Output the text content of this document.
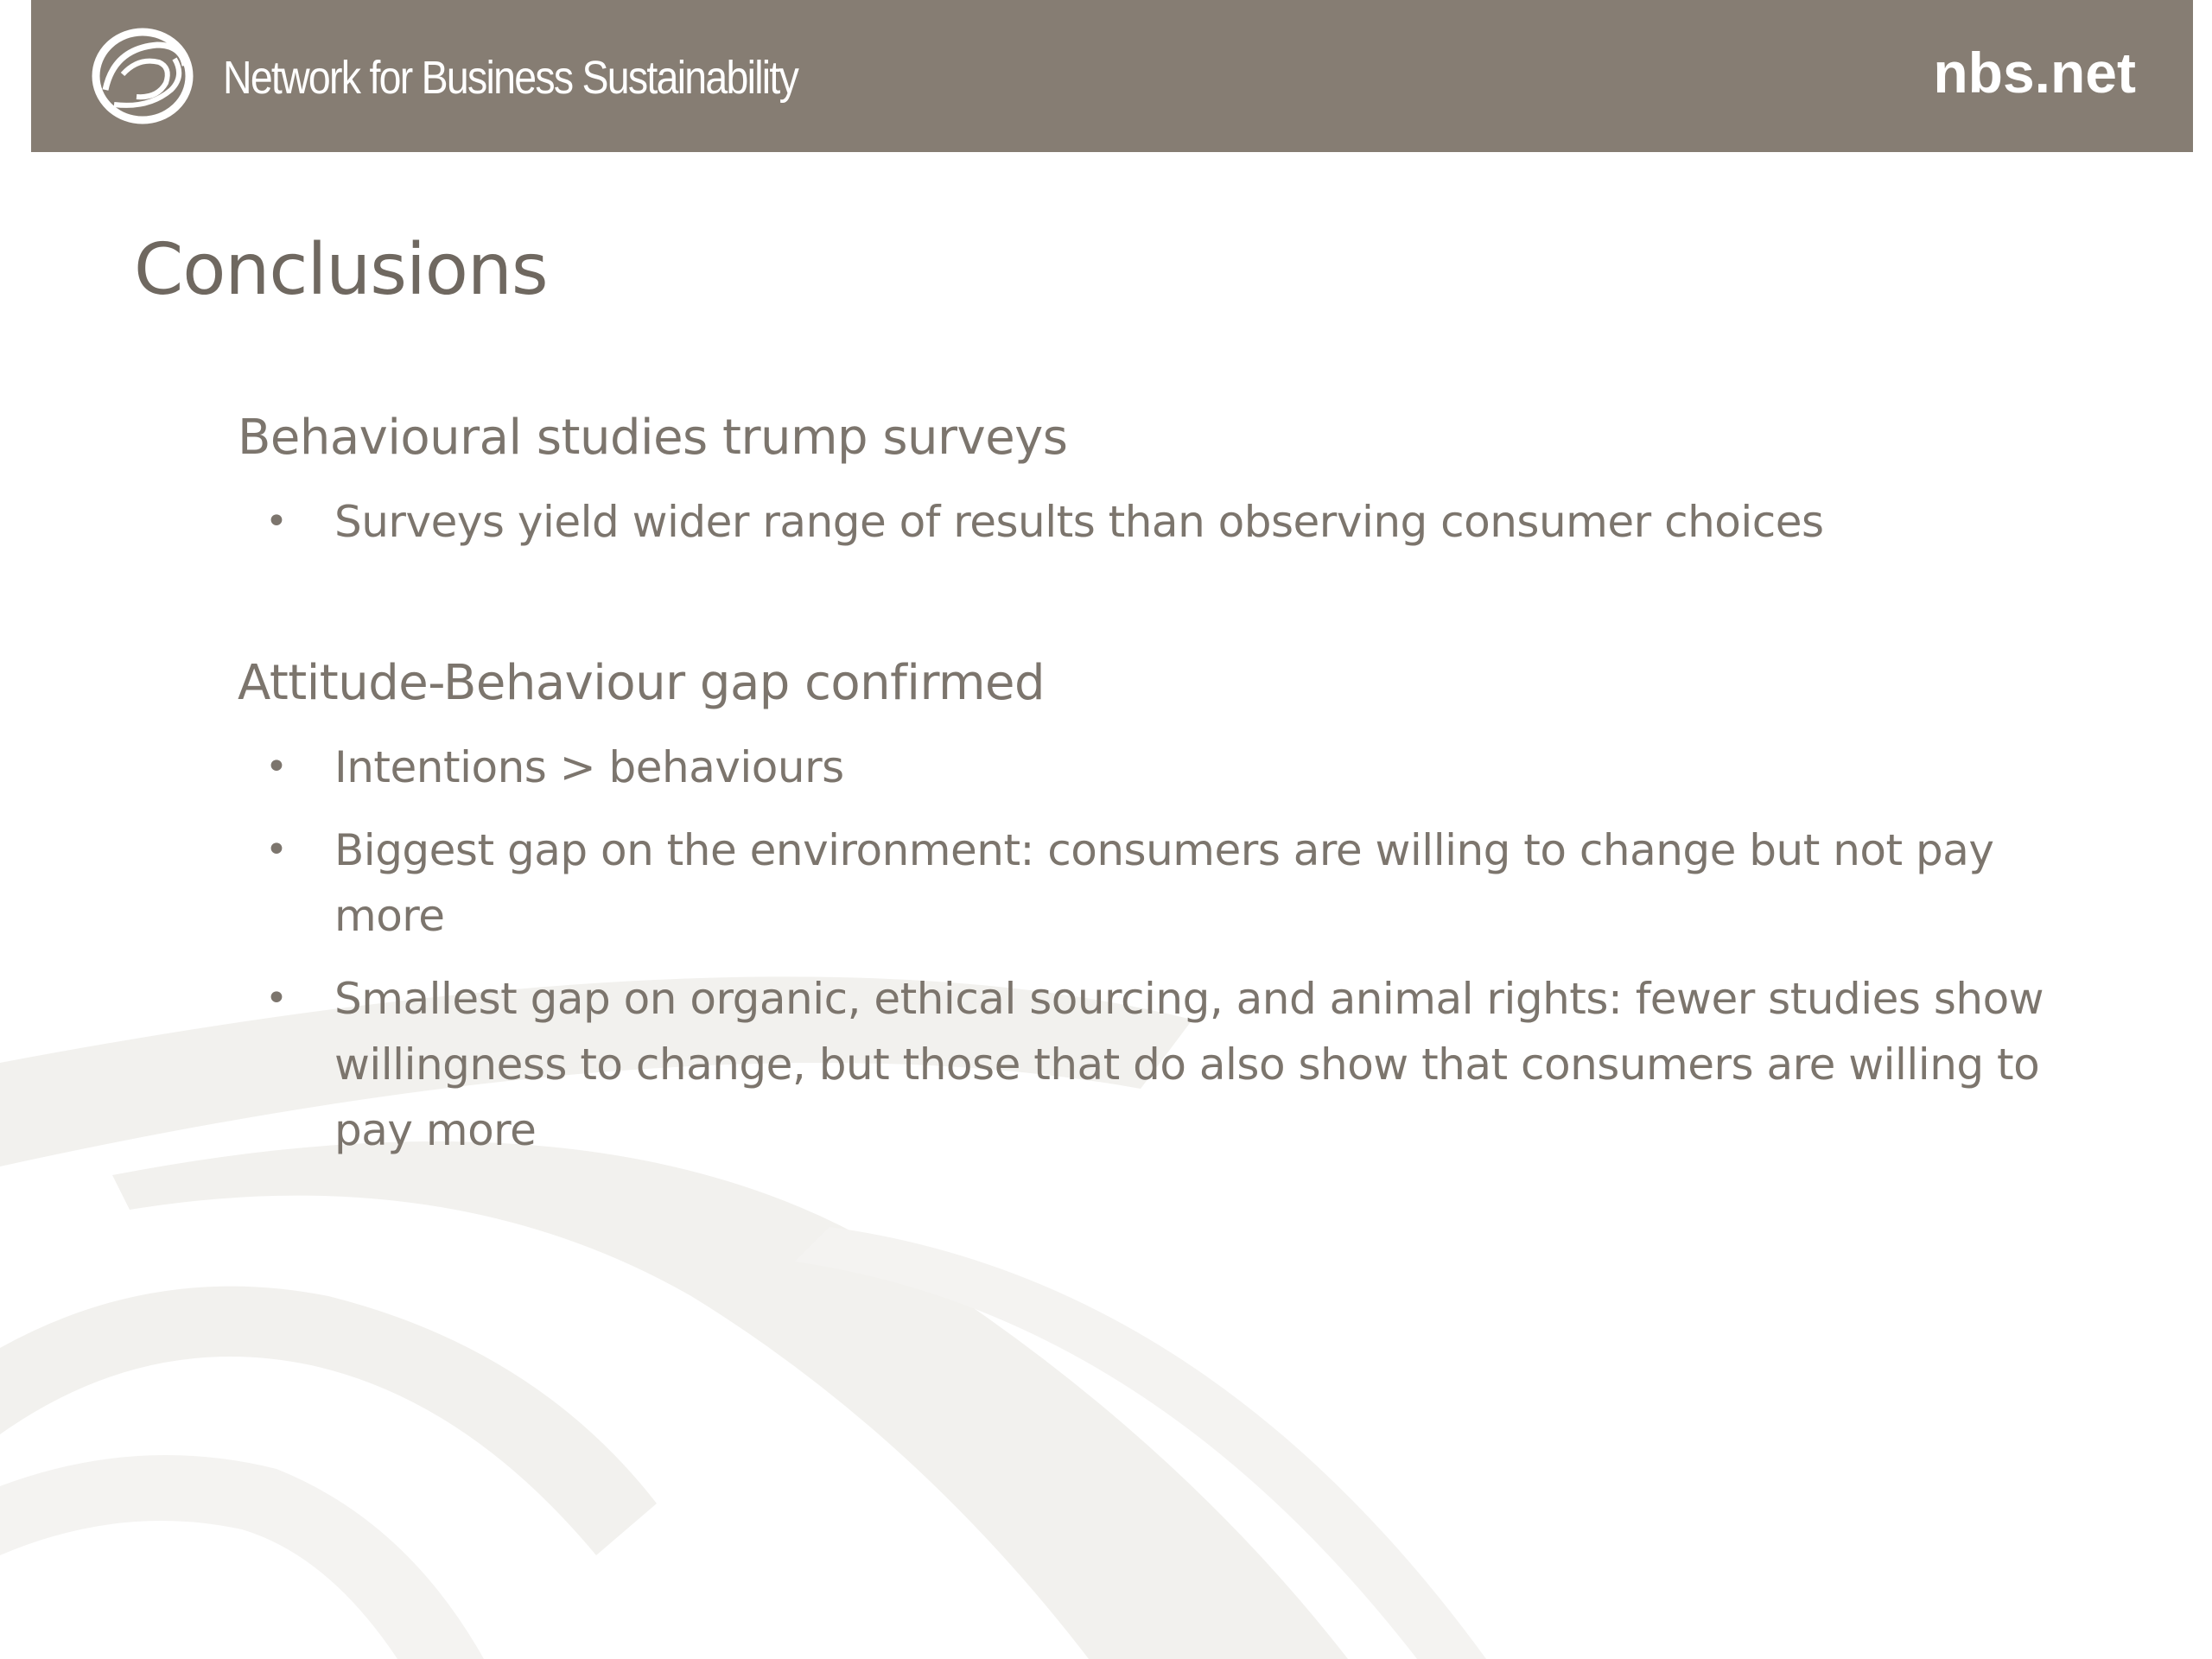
Network for Business Sustainability	nbs.net
Conclusions
Behavioural studies trump surveys
• Surveys yield wider range of results than observing consumer choices
Attitude-Behaviour gap confirmed
• Intentions > behaviours
• Biggest gap on the environment: consumers are willing to change but not pay more
• Smallest gap on organic, ethical sourcing, and animal rights: fewer studies show willingness to change, but those that do also show that consumers are willing to pay more
